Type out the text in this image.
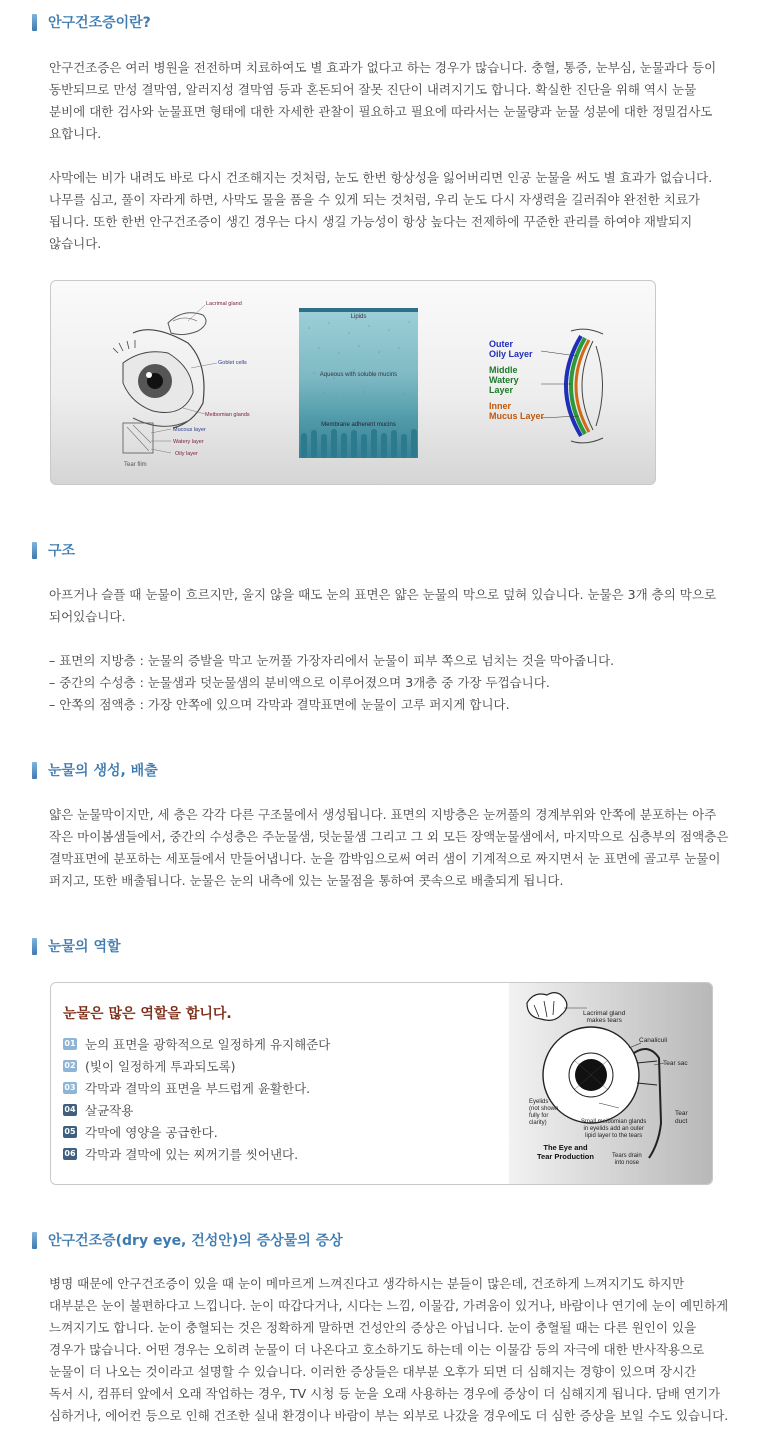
안구건조증이란?
안구건조증은 여러 병원을 전전하며 치료하여도 별 효과가 없다고 하는 경우가 많습니다. 충혈, 통증, 눈부심, 눈물과다 등이
동반되므로 만성 결막염, 알러지성 결막염 등과 혼돈되어 잘못 진단이 내려지기도 합니다. 확실한 진단을 위해 역시 눈물
분비에 대한 검사와 눈물표면 형태에 대한 자세한 관찰이 필요하고 필요에 따라서는 눈물량과 눈물 성분에 대한 정밀검사도
요합니다.
사막에는 비가 내려도 바로 다시 건조해지는 것처럼, 눈도 한번 항상성을 잃어버리면 인공 눈물을 써도 별 효과가 없습니다.
나무를 심고, 풀이 자라게 하면, 사막도 물을 품을 수 있게 되는 것처럼, 우리 눈도 다시 자생력을 길러줘야 완전한 치료가
됩니다. 또한 한번 안구건조증이 생긴 경우는 다시 생길 가능성이 항상 높다는 전제하에 꾸준한 관리를 하여야 재발되지
않습니다.
Lacrimal gland
Goblet cells
Meibomian glands
Mucous layer
Watery layer
Oily layer
Tear film
Lipids
Aqueous with soluble mucins
Membrane adherent mucins
Outer
Oily Layer
Middle
Watery
Layer
Inner
Mucus Layer
구조
아프거나 슬플 때 눈물이 흐르지만, 울지 않을 때도 눈의 표면은 얇은 눈물의 막으로 덮혀 있습니다. 눈물은 3개 층의 막으로
되어있습니다.
– 표면의 지방층 : 눈물의 증발을 막고 눈꺼풀 가장자리에서 눈물이 피부 쪽으로 넘치는 것을 막아줍니다.
– 중간의 수성층 : 눈물샘과 덧눈물샘의 분비액으로 이루어졌으며 3개층 중 가장 두껍습니다.
– 안쪽의 점액층 : 가장 안쪽에 있으며 각막과 결막표면에 눈물이 고루 퍼지게 합니다.
눈물의 생성, 배출
얇은 눈물막이지만, 세 층은 각각 다른 구조물에서 생성됩니다. 표면의 지방층은 눈꺼풀의 경계부위와 안쪽에 분포하는 아주
작은 마이봄샘들에서, 중간의 수성층은 주눈물샘, 덧눈물샘 그리고 그 외 모든 장액눈물샘에서, 마지막으로 심층부의 점액층은
결막표면에 분포하는 세포들에서 만들어냅니다. 눈을 깜박임으로써 여러 샘이 기계적으로 짜지면서 눈 표면에 골고루 눈물이
퍼지고, 또한 배출됩니다. 눈물은 눈의 내측에 있는 눈물점을 통하여 콧속으로 배출되게 됩니다.
눈물의 역할
눈물은 많은 역할을 합니다.
01 눈의 표면을 광학적으로 일정하게 유지해준다
02 (빛이 일정하게 투과되도록)
03 각막과 결막의 표면을 부드럽게 윤활한다.
04 살균작용
05 각막에 영양을 공급한다.
06 각막과 결막에 있는 찌꺼기를 씻어낸다.
Lacrimal gland
makes tears
Canaliculi
Tear sac
Eyelids
(not shown
fully for
clarity)	Small meibomian glands
in eyelids add an outer
lipid layer to the tears
Tear
duct
Tears drain
into nose
The Eye and
Tear Production
안구건조증(dry eye, 건성안)의 증상물의 증상
병명 때문에 안구건조증이 있을 때 눈이 메마르게 느껴진다고 생각하시는 분들이 많은데, 건조하게 느껴지기도 하지만
대부분은 눈이 불편하다고 느낍니다. 눈이 따갑다거나, 시다는 느낌, 이물감, 가려움이 있거나, 바람이나 연기에 눈이 예민하게
느껴지기도 합니다. 눈이 충혈되는 것은 정확하게 말하면 건성안의 증상은 아닙니다. 눈이 충혈될 때는 다른 원인이 있을
경우가 많습니다. 어떤 경우는 오히려 눈물이 더 나온다고 호소하기도 하는데 이는 이물감 등의 자극에 대한 반사작용으로
눈물이 더 나오는 것이라고 설명할 수 있습니다. 이러한 증상들은 대부분 오후가 되면 더 심해지는 경향이 있으며 장시간
독서 시, 컴퓨터 앞에서 오래 작업하는 경우, TV 시청 등 눈을 오래 사용하는 경우에 증상이 더 심해지게 됩니다. 담배 연기가
심하거나, 에어컨 등으로 인해 건조한 실내 환경이나 바람이 부는 외부로 나갔을 경우에도 더 심한 증상을 보일 수도 있습니다.
